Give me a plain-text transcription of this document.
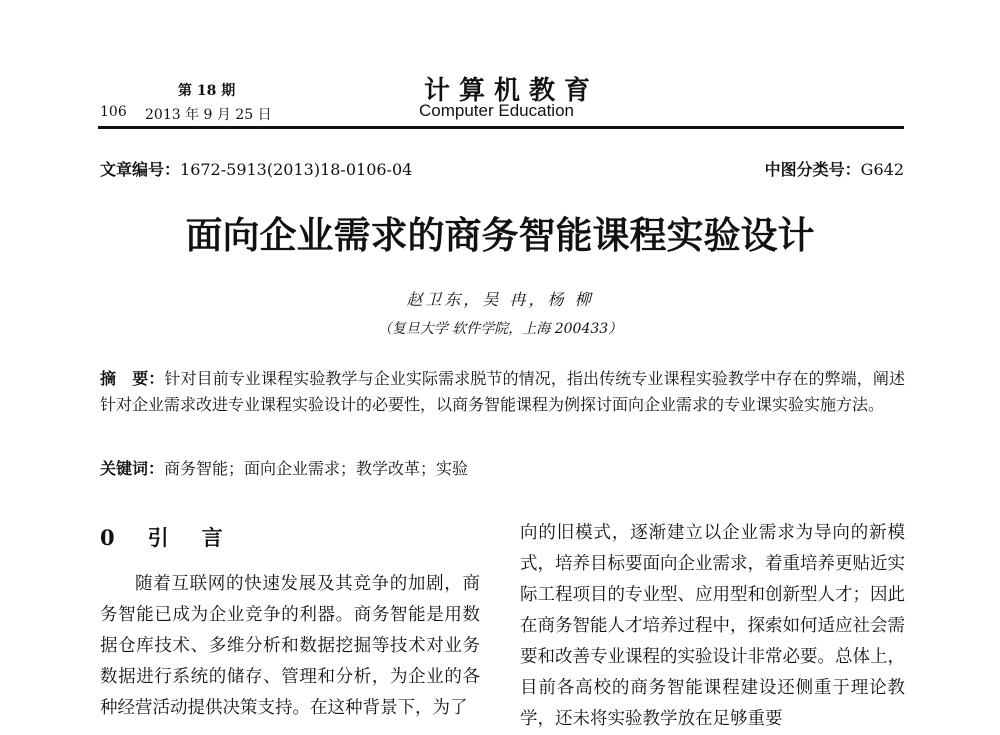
第 18 期
106 2013 年 9 月 25 日
计算机教育
Computer Education
文章编号：1672-5913(2013)18-0106-04	中图分类号：G642
面向企业需求的商务智能课程实验设计
赵卫东，吴 冉，杨 柳
（复旦大学 软件学院，上海 200433）
摘　要：针对目前专业课程实验教学与企业实际需求脱节的情况，指出传统专业课程实验教学中存在的弊端，阐述针对企业需求改进专业课程实验设计的必要性，以商务智能课程为例探讨面向企业需求的专业课实验实施方法。
关键词：商务智能；面向企业需求；教学改革；实验
0　引　言

随着互联网的快速发展及其竞争的加剧，商务智能已成为企业竞争的利器。商务智能是用数据仓库技术、多维分析和数据挖掘等技术对业务数据进行系统的储存、管理和分析，为企业的各种经营活动提供决策支持。在这种背景下，为了

向的旧模式，逐渐建立以企业需求为导向的新模式，培养目标要面向企业需求，着重培养更贴近实际工程项目的专业型、应用型和创新型人才；因此在商务智能人才培养过程中，探索如何适应社会需要和改善专业课程的实验设计非常必要。总体上，目前各高校的商务智能课程建设还侧重于理论教学，还未将实验教学放在足够重要
